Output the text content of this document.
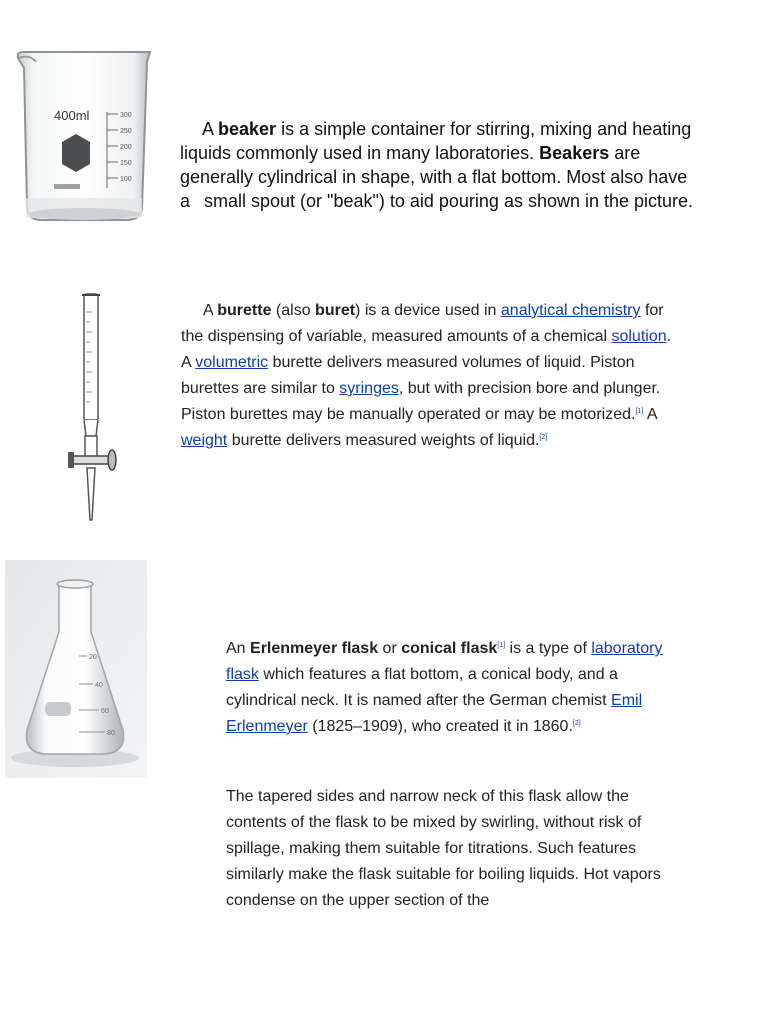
400ml	300
250
200
150
100

A beaker is a simple container for stirring, mixing and heating liquids commonly used in many laboratories. Beakers are generally cylindrical in shape, with a flat bottom. Most also have a small spout (or "beak") to aid pouring as shown in the picture.

A burette (also buret) is a device used in analytical chemistry for the dispensing of variable, measured amounts of a chemical solution. A volumetric burette delivers measured volumes of liquid. Piston burettes are similar to syringes, but with precision bore and plunger. Piston burettes may be manually operated or may be motorized.[1] A weight burette delivers measured weights of liquid.[2]

20
40
60
80

An Erlenmeyer flask or conical flask[1] is a type of laboratory flask which features a flat bottom, a conical body, and a cylindrical neck. It is named after the German chemist Emil Erlenmeyer (1825–1909), who created it in 1860.[2]

The tapered sides and narrow neck of this flask allow the contents of the flask to be mixed by swirling, without risk of spillage, making them suitable for titrations. Such features similarly make the flask suitable for boiling liquids. Hot vapors condense on the upper section of the
